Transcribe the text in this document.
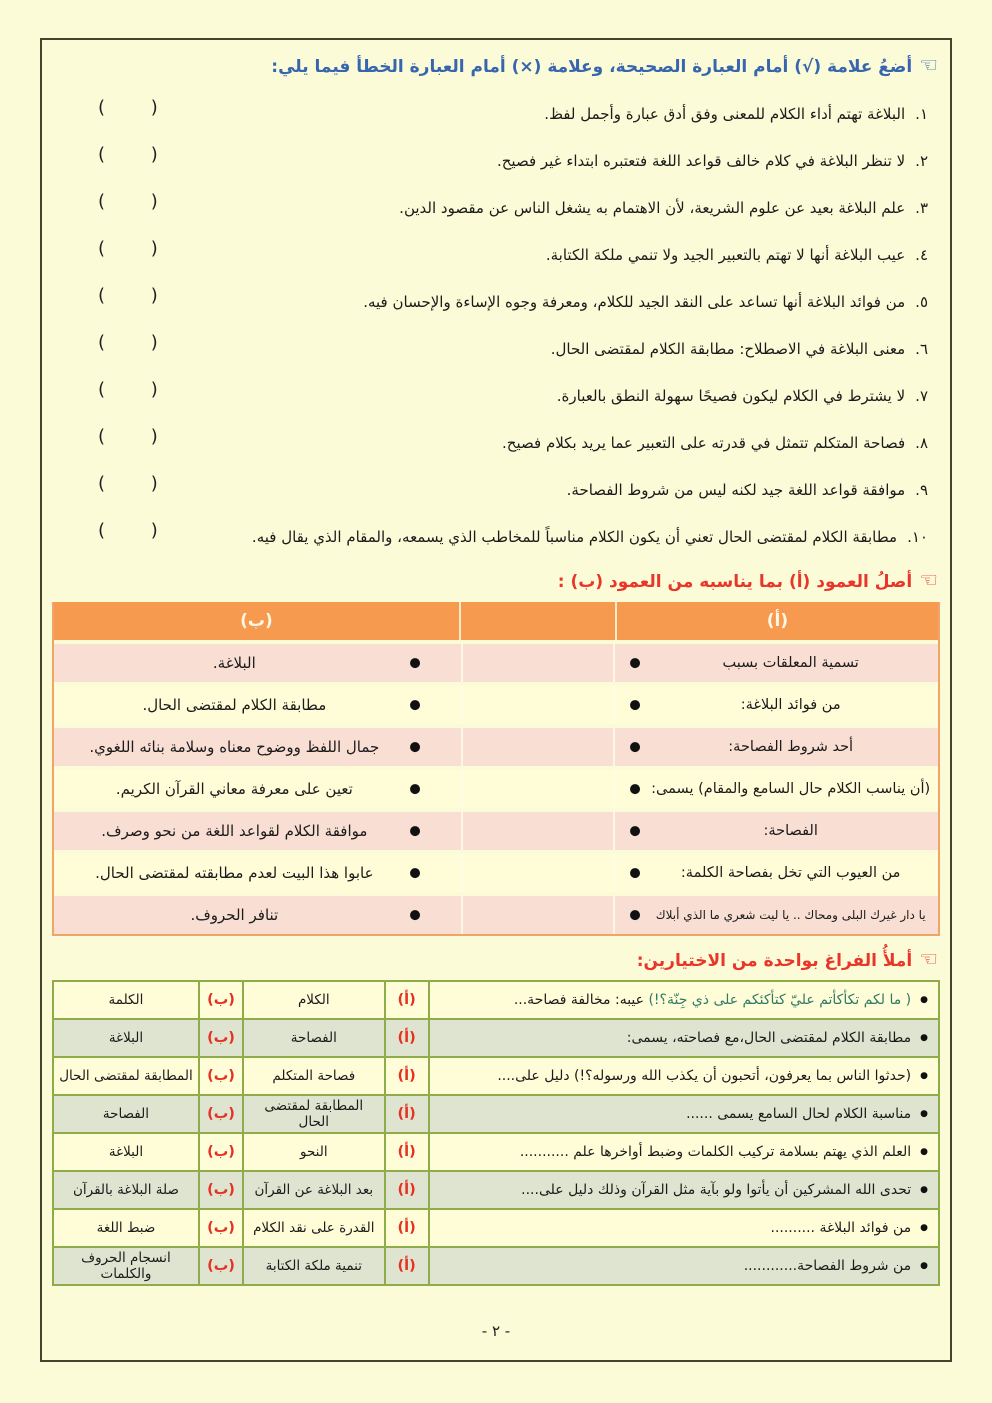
☜
أضعُ علامة (√) أمام العبارة الصحيحة، وعلامة (×) أمام العبارة الخطأ فيما يلي:
١.البلاغة تهتم أداء الكلام للمعنى وفق أدق عبارة وأجمل لفظ.
(        )
٢.لا تنظر البلاغة في كلام خالف قواعد اللغة فتعتبره ابتداء غير فصيح.
(        )
٣.علم البلاغة بعيد عن علوم الشريعة، لأن الاهتمام به يشغل الناس عن مقصود الدين.
(        )
٤.عيب البلاغة أنها لا تهتم بالتعبير الجيد ولا تنمي ملكة الكتابة.
(        )
٥.من فوائد البلاغة أنها تساعد على النقد الجيد للكلام، ومعرفة وجوه الإساءة والإحسان فيه.
(        )
٦.معنى البلاغة في الاصطلاح: مطابقة الكلام لمقتضى الحال.
(        )
٧.لا يشترط في الكلام ليكون فصيحًا سهولة النطق بالعبارة.
(        )
٨.فصاحة المتكلم تتمثل في قدرته على التعبير عما يريد بكلام فصيح.
(        )
٩.موافقة قواعد اللغة جيد لكنه ليس من شروط الفصاحة.
(        )
١٠.مطابقة الكلام لمقتضى الحال تعني أن يكون الكلام مناسباً للمخاطب الذي يسمعه، والمقام الذي يقال فيه.
(        )
☜
أصلُ العمود (أ) بما يناسبه من العمود (ب) :
(أ)
(ب)
تسمية المعلقات بسبب
●
●
البلاغة.
من فوائد البلاغة:
●
●
مطابقة الكلام لمقتضى الحال.
أحد شروط الفصاحة:
●
●
جمال اللفظ ووضوح معناه وسلامة بنائه اللغوي.
(أن يناسب الكلام حال السامع والمقام) يسمى:
●
●
تعين على معرفة معاني القرآن الكريم.
الفصاحة:
●
●
موافقة الكلام لقواعد اللغة من نحو وصرف.
من العيوب التي تخل بفصاحة الكلمة:
●
●
عابوا هذا البيت لعدم مطابقته لمقتضى الحال.
يا دار غيرك البلى ومحاك .. يا ليت شعري ما الذي أبلاك
●
●
تنافر الحروف.
☜
أملأُ الفراغ بواحدة من الاختيارين:
●
( ما لكم تكأكأتم عليّ كتأكئكم على ذي جِنّة؟!) عيبه: مخالفة فصاحة...
(أ)
الكلام
(ب)
الكلمة
●
مطابقة الكلام لمقتضى الحال،مع فصاحته، يسمى:
(أ)
الفصاحة
(ب)
البلاغة
●
(حدثوا الناس بما يعرفون، أتحبون أن يكذب الله ورسوله؟!) دليل على....
(أ)
فصاحة المتكلم
(ب)
المطابقة لمقتضى الحال
●
مناسبة الكلام لحال السامع يسمى ......
(أ)
المطابقة لمقتضى الحال
(ب)
الفصاحة
●
العلم الذي يهتم بسلامة تركيب الكلمات وضبط أواخرها علم ...........
(أ)
النحو
(ب)
البلاغة
●
تحدى الله المشركين أن يأتوا ولو بآية مثل القرآن وذلك دليل على....
(أ)
بعد البلاغة عن القرآن
(ب)
صلة البلاغة بالقرآن
●
من فوائد البلاغة ..........
(أ)
القدرة على نقد الكلام
(ب)
ضبط اللغة
●
من شروط الفصاحة............
(أ)
تنمية ملكة الكتابة
(ب)
انسجام الحروف والكلمات
- ٢ -
